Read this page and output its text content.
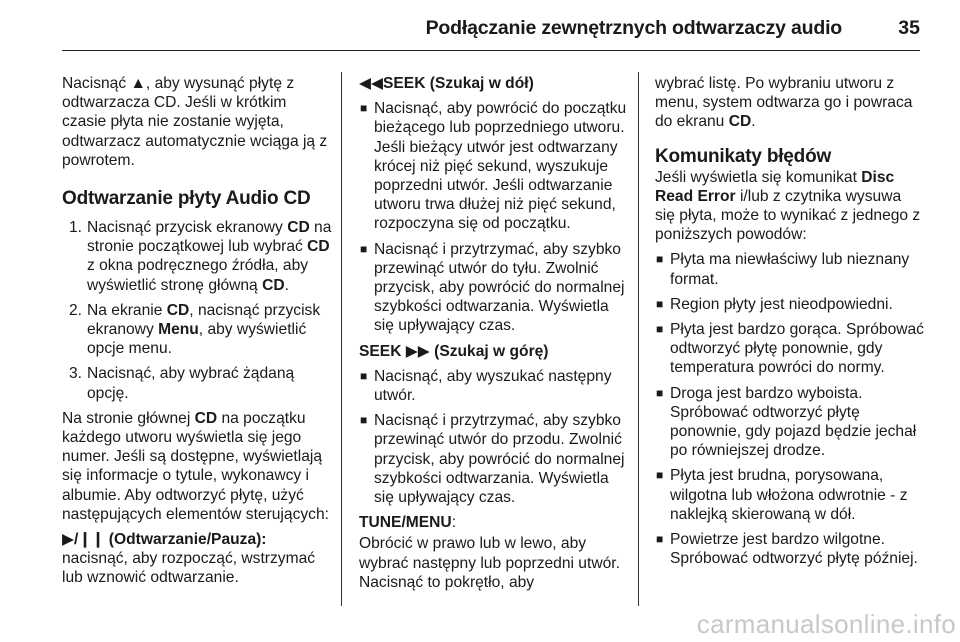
Podłączanie zewnętrznych odtwarzaczy audio	35

Nacisnąć ▲, aby wysunąć płytę z odtwarzacza CD. Jeśli w krótkim czasie płyta nie zostanie wyjęta, odtwarzacz automatycznie wciąga ją z powrotem.

Odtwarzanie płyty Audio CD
1. Nacisnąć przycisk ekranowy CD na stronie początkowej lub wybrać CD z okna podręcznego źródła, aby wyświetlić stronę główną CD.
2. Na ekranie CD, nacisnąć przycisk ekranowy Menu, aby wyświetlić opcje menu.
3. Nacisnąć, aby wybrać żądaną opcję.

Na stronie głównej CD na początku każdego utworu wyświetla się jego numer. Jeśli są dostępne, wyświetlają się informacje o tytule, wykonawcy i albumie. Aby odtworzyć płytę, użyć następujących elementów sterujących:

▶/❙❙ (Odtwarzanie/Pauza): nacisnąć, aby rozpocząć, wstrzymać lub wznowić odtwarzanie.

◀◀SEEK (Szukaj w dół)

■ Nacisnąć, aby powrócić do początku bieżącego lub poprzedniego utworu. Jeśli bieżący utwór jest odtwarzany krócej niż pięć sekund, wyszukuje poprzedni utwór. Jeśli odtwarzanie utworu trwa dłużej niż pięć sekund, rozpoczyna się od początku.
■ Nacisnąć i przytrzymać, aby szybko przewinąć utwór do tyłu. Zwolnić przycisk, aby powrócić do normalnej szybkości odtwarzania. Wyświetla się upływający czas.

SEEK ▶▶ (Szukaj w górę)

■ Nacisnąć, aby wyszukać następny utwór.
■ Nacisnąć i przytrzymać, aby szybko przewinąć utwór do przodu. Zwolnić przycisk, aby powrócić do normalnej szybkości odtwarzania. Wyświetla się upływający czas.

TUNE/MENU:

Obrócić w prawo lub w lewo, aby wybrać następny lub poprzedni utwór. Nacisnąć to pokrętło, aby

wybrać listę. Po wybraniu utworu z menu, system odtwarza go i powraca do ekranu CD.

Komunikaty błędów

Jeśli wyświetla się komunikat Disc Read Error i/lub z czytnika wysuwa się płyta, może to wynikać z jednego z poniższych powodów:

■ Płyta ma niewłaściwy lub nieznany format.
■ Region płyty jest nieodpowiedni.
■ Płyta jest bardzo gorąca. Spróbować odtworzyć płytę ponownie, gdy temperatura powróci do normy.
■ Droga jest bardzo wyboista. Spróbować odtworzyć płytę ponownie, gdy pojazd będzie jechał po równiejszej drodze.
■ Płyta jest brudna, porysowana, wilgotna lub włożona odwrotnie - z naklejką skierowaną w dół.
■ Powietrze jest bardzo wilgotne. Spróbować odtworzyć płytę później.
carmanualsonline.info
